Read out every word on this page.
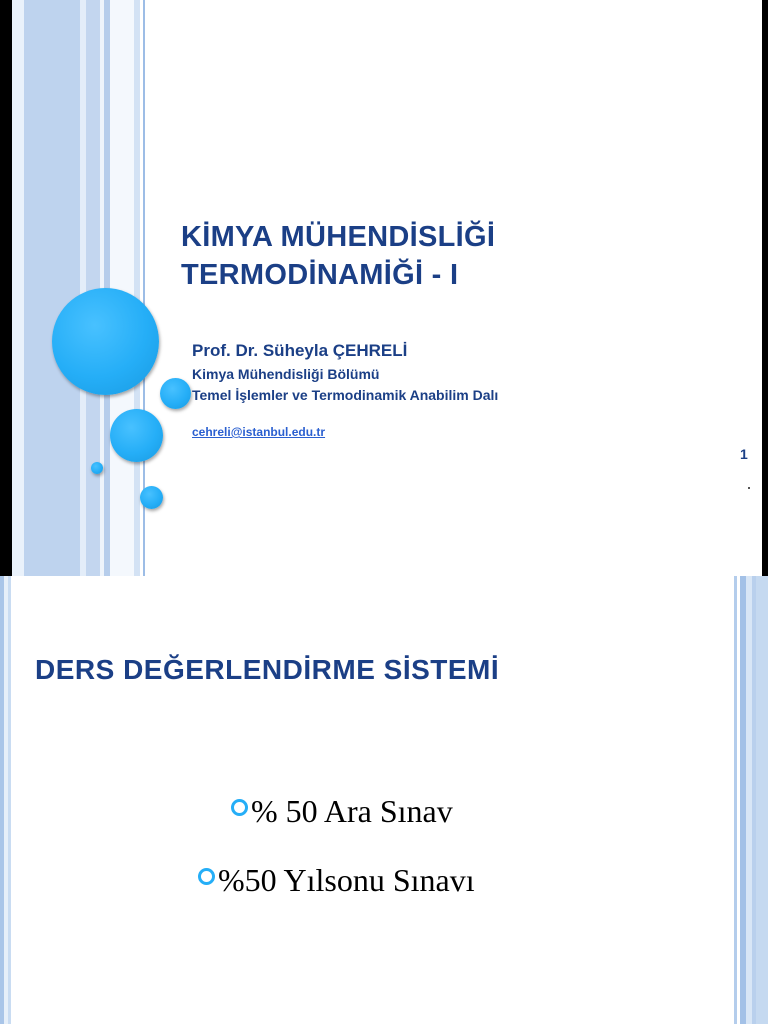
KİMYA MÜHENDİSLİĞİ
TERMODİNAMİĞİ - I

Prof. Dr. Süheyla ÇEHRELİ

Kimya Mühendisliği Bölümü

Temel İşlemler ve Termodinamik Anabilim Dalı

cehreli@istanbul.edu.tr
1
DERS DEĞERLENDİRME SİSTEMİ

% 50 Ara Sınav

%50 Yılsonu Sınavı
